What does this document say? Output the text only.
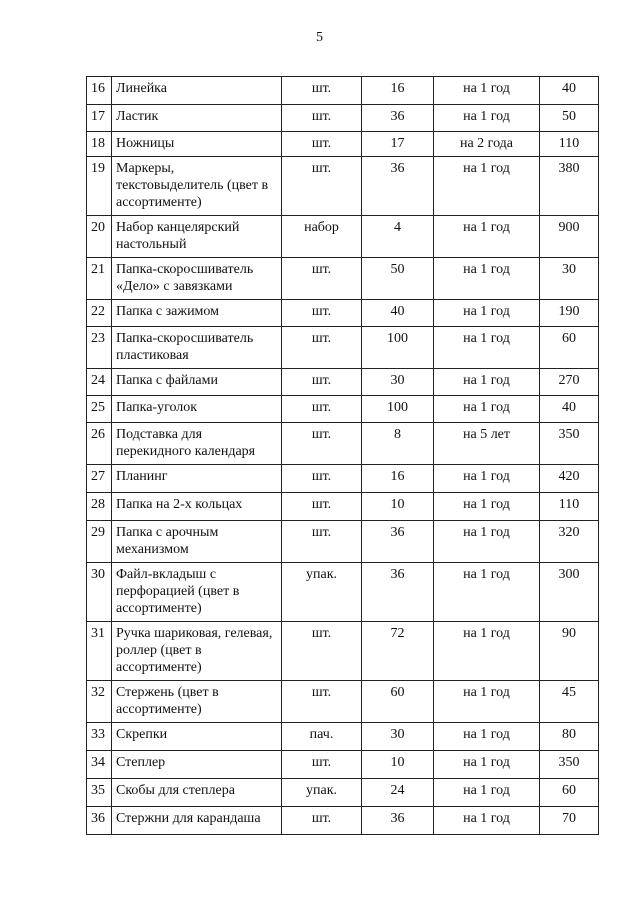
5
16	Линейка	шт.	16	на 1 год	40
17	Ластик	шт.	36	на 1 год	50
18	Ножницы	шт.	17	на 2 года	110
19	Маркеры, текстовыделитель (цвет в ассортименте)	шт.	36	на 1 год	380
20	Набор канцелярский настольный	набор	4	на 1 год	900
21	Папка-скоросшиватель «Дело» с завязками	шт.	50	на 1 год	30
22	Папка с зажимом	шт.	40	на 1 год	190
23	Папка-скоросшиватель пластиковая	шт.	100	на 1 год	60
24	Папка с файлами	шт.	30	на 1 год	270
25	Папка-уголок	шт.	100	на 1 год	40
26	Подставка для перекидного календаря	шт.	8	на 5 лет	350
27	Планинг	шт.	16	на 1 год	420
28	Папка на 2-х кольцах	шт.	10	на 1 год	110
29	Папка с арочным механизмом	шт.	36	на 1 год	320
30	Файл-вкладыш с перфорацией (цвет в ассортименте)	упак.	36	на 1 год	300
31	Ручка шариковая, гелевая, роллер (цвет в ассортименте)	шт.	72	на 1 год	90
32	Стержень (цвет в ассортименте)	шт.	60	на 1 год	45
33	Скрепки	пач.	30	на 1 год	80
34	Степлер	шт.	10	на 1 год	350
35	Скобы для степлера	упак.	24	на 1 год	60
36	Стержни для карандаша	шт.	36	на 1 год	70
